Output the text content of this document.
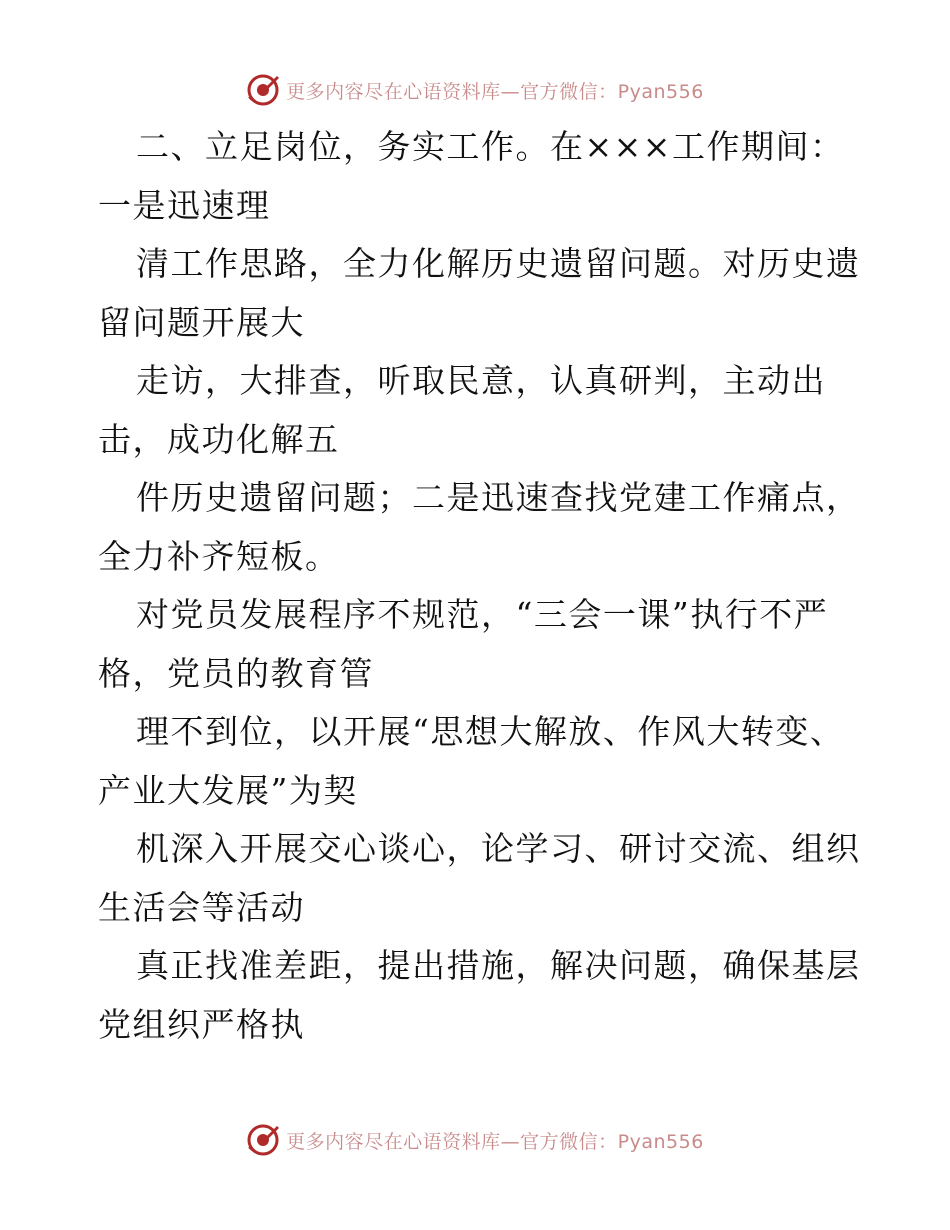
更多内容尽在心语资料库—官方微信：Pyan556
二、立足岗位，务实工作。在×××工作期间：
一是迅速理
清工作思路，全力化解历史遗留问题。对历史遗
留问题开展大
走访，大排查，听取民意，认真研判，主动出
击，成功化解五
件历史遗留问题；二是迅速查找党建工作痛点，
全力补齐短板。
对党员发展程序不规范，“三会一课”执行不严
格，党员的教育管
理不到位，以开展“思想大解放、作风大转变、
产业大发展”为契
机深入开展交心谈心，论学习、研讨交流、组织
生活会等活动
真正找准差距，提出措施，解决问题，确保基层
党组织严格执
更多内容尽在心语资料库—官方微信：Pyan556
